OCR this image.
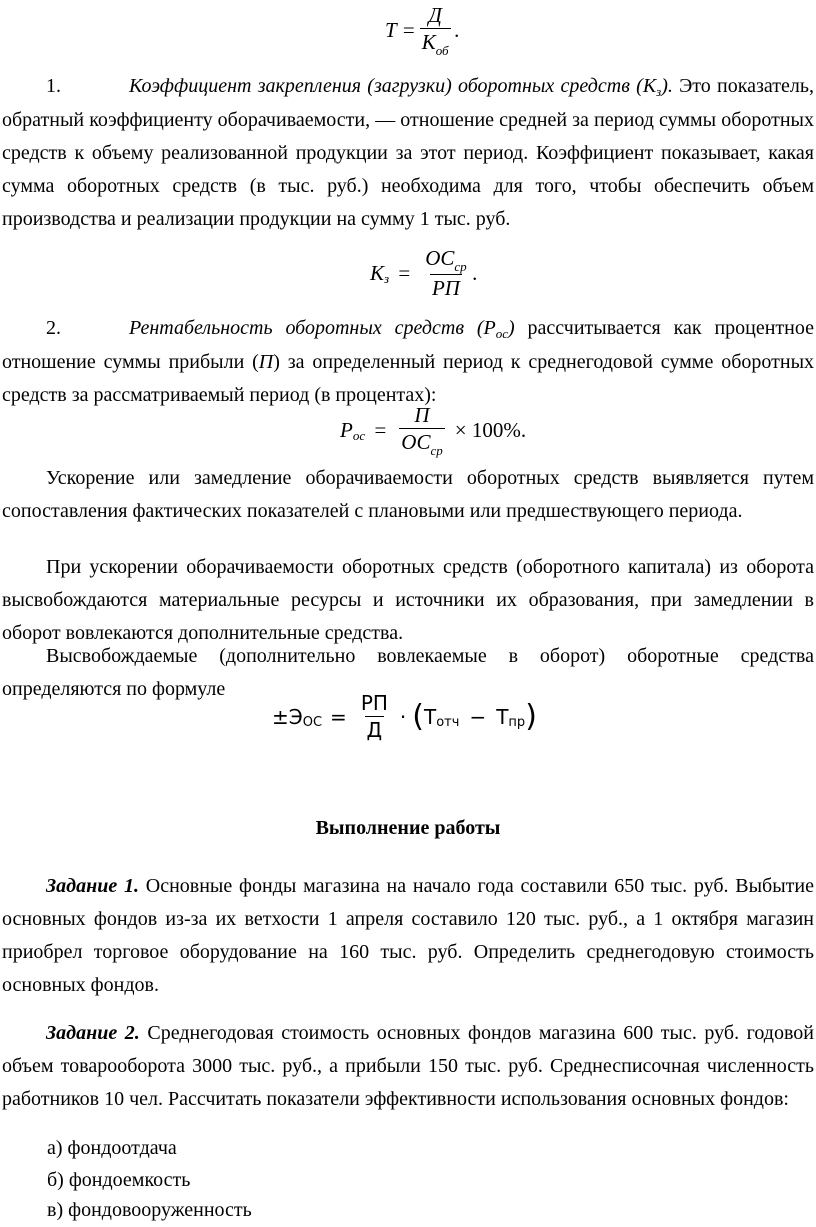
$T = \frac{Д}{К_{об}}$ .

1.	Коэффициент закрепления (загрузки) оборотных средств $(К_з)$. Это показатель, обратный коэффициенту оборачиваемости, — отношение средней за период суммы оборотных средств к объему реализованной продукции за этот период. Коэффициент показывает, какая сумма оборотных средств (в тыс. руб.) необходима для того, чтобы обеспечить объем производства и реализации продукции на сумму 1 тыс. руб.

К $з = \frac{ОС_{ср}}{РП}$ .

2.	Рентабельность оборотных средств $(Р_{ос})$ рассчитывается как процентное отношение суммы прибыли (П) за определенный период к среднегодовой сумме оборотных средств за рассматриваемый период (в процентах):

Р ос = $\frac{П}{ОС_{ср}} \times 100\%$.

Ускорение или замедление оборачиваемости оборотных средств выявляется путем сопоставления фактических показателей с плановыми или предшествующего периода.

При ускорении оборачиваемости оборотных средств (оборотного капитала) из оборота высвобождаются материальные ресурсы и источники их образования, при замедлении в оборот вовлекаются дополнительные средства.

Высвобождаемые (дополнительно вовлекаемые в оборот) оборотные средства определяются по формуле

±Э ОС = $\frac{РП}{Д}$ · ( Т отч − Т пр )
Выполнение работы

Задание 1. Основные фонды магазина на начало года составили 650 тыс. руб. Выбытие основных фондов из-за их ветхости 1 апреля составило 120 тыс. руб., а 1 октября магазин приобрел торговое оборудование на 160 тыс. руб. Определить среднегодовую стоимость основных фондов.

Задание 2. Среднегодовая стоимость основных фондов магазина 600 тыс. руб. годовой объем товарооборота 3000 тыс. руб., а прибыли 150 тыс. руб. Среднесписочная численность работников 10 чел. Рассчитать показатели эффективности использования основных фондов:

а) фондоотдача
б) фондоемкость
в) фондовооруженность
